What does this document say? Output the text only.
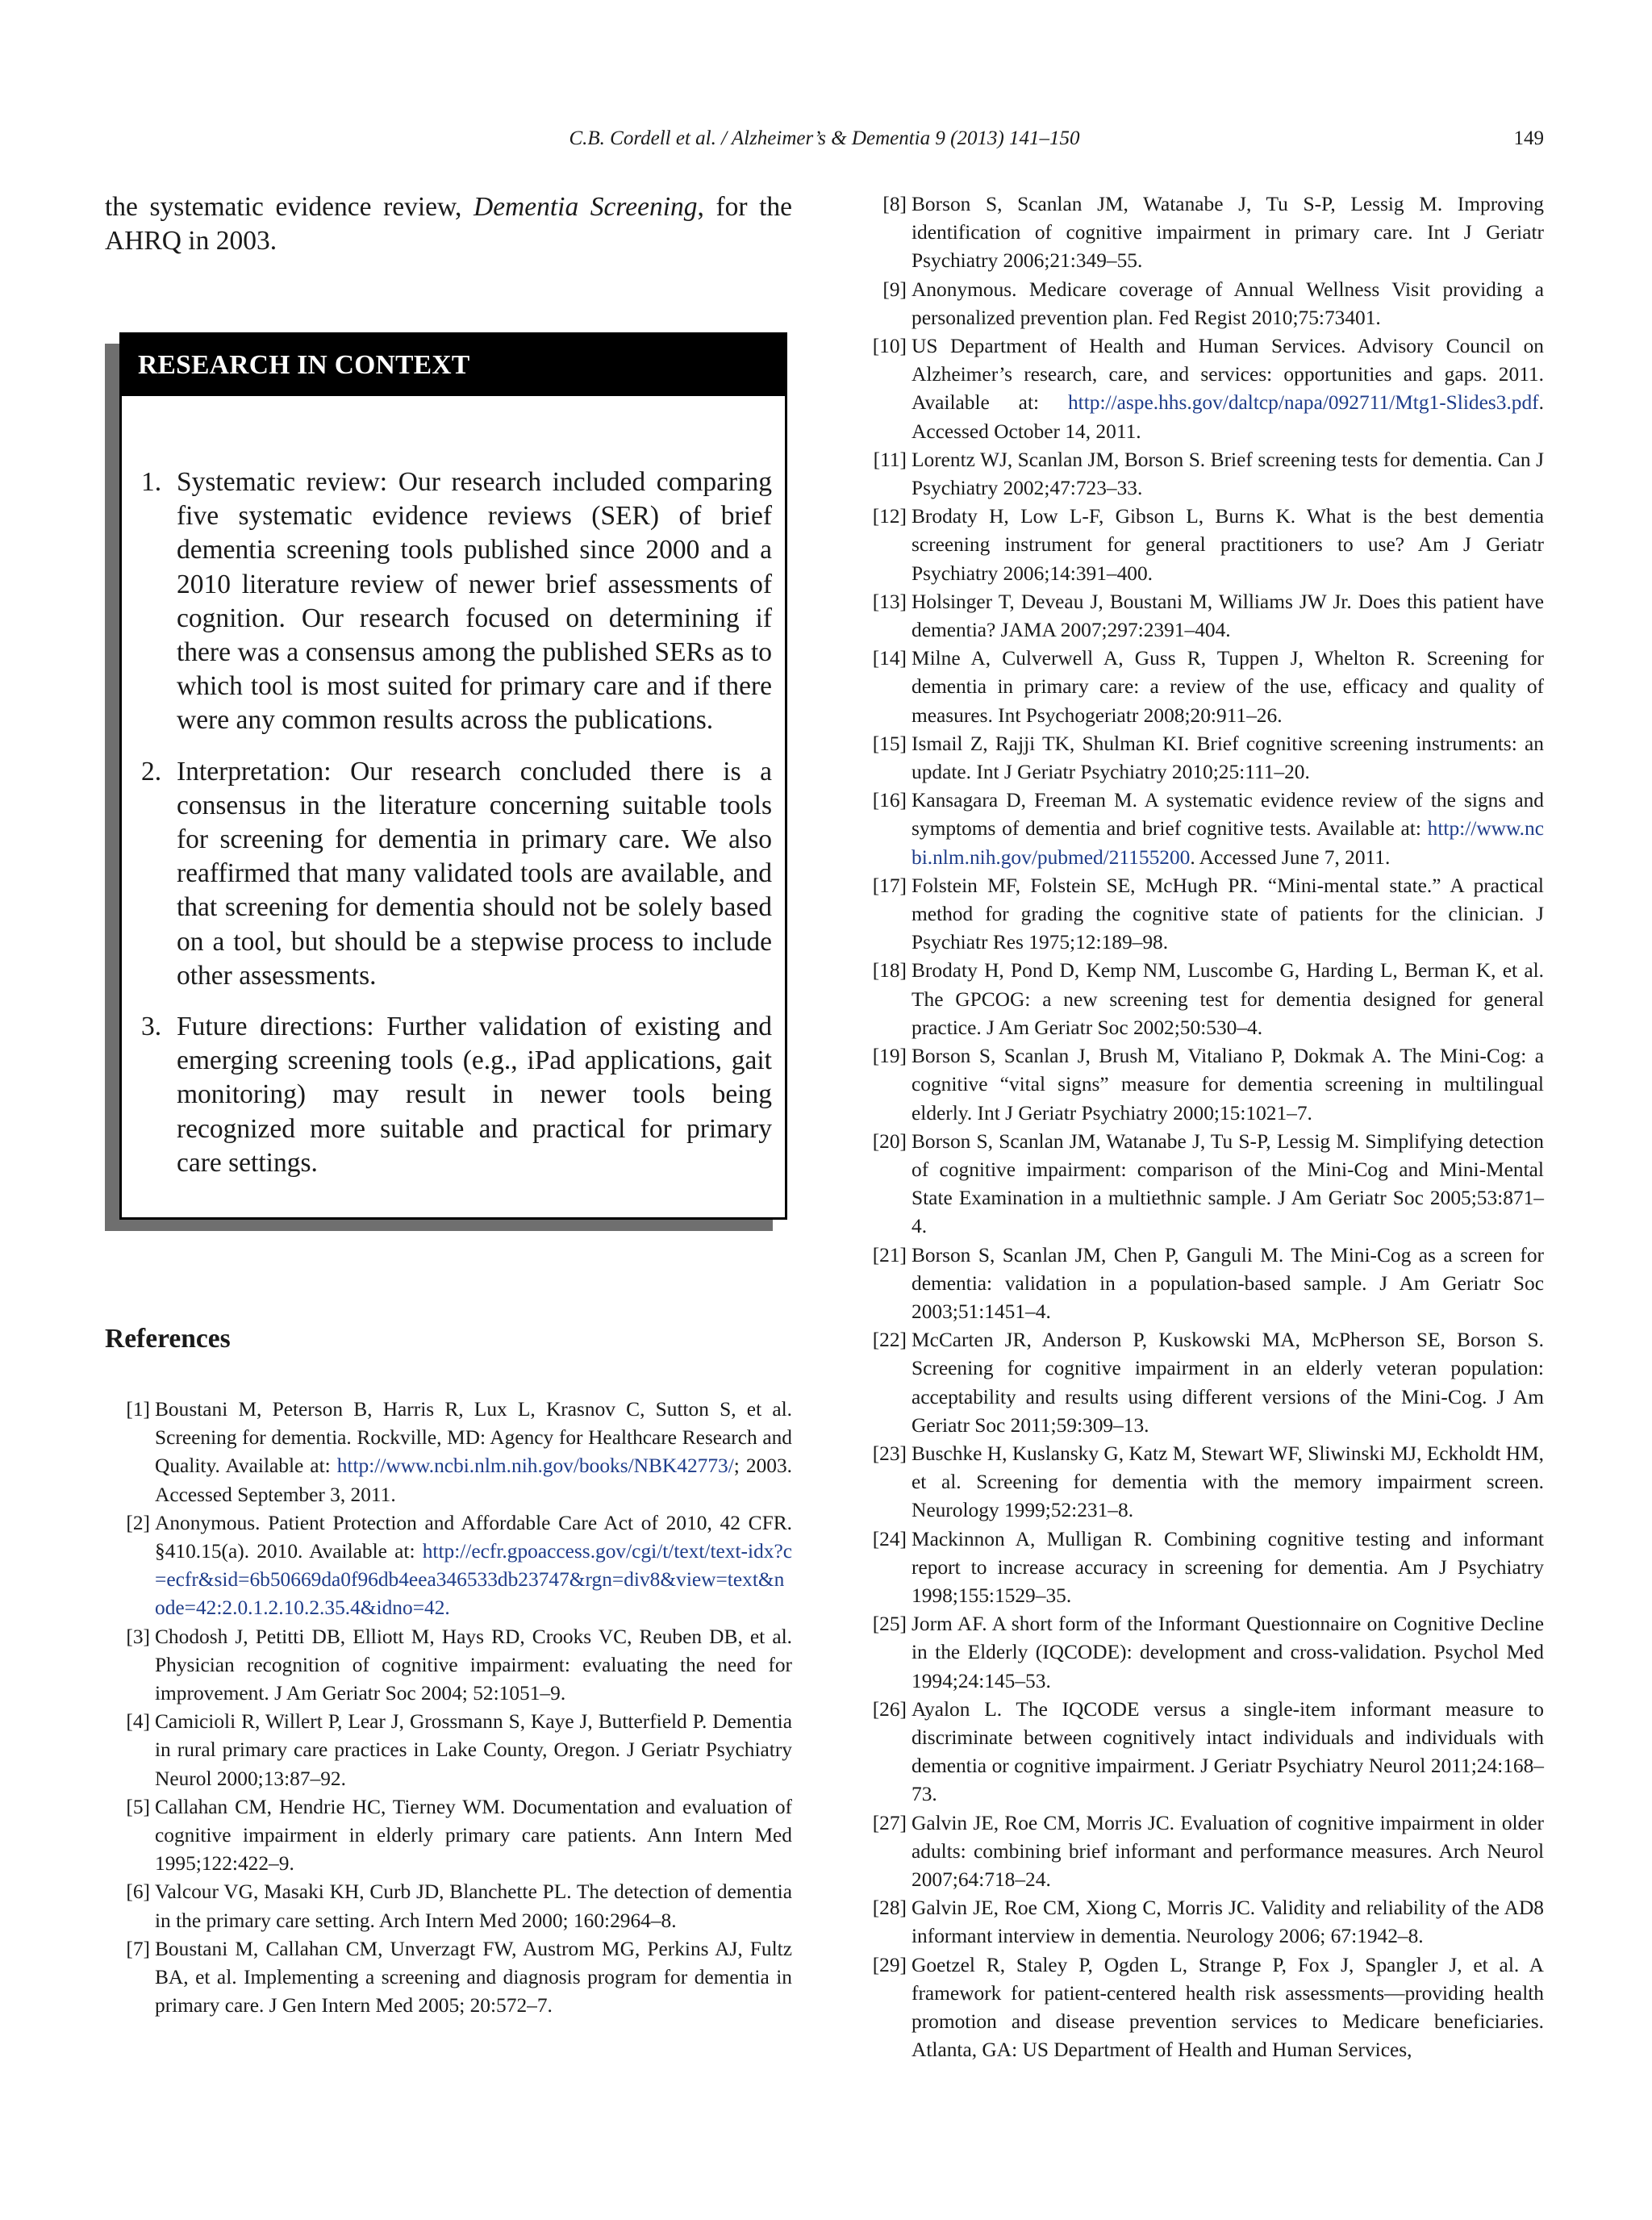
C.B. Cordell et al. / Alzheimer’s & Dementia 9 (2013) 141–150	149

the systematic evidence review, Dementia Screening, for the AHRQ in 2003.

RESEARCH IN CONTEXT
1. Systematic review: Our research included comparing five systematic evidence reviews (SER) of brief dementia screening tools published since 2000 and a 2010 literature review of newer brief assessments of cognition. Our research focused on determining if there was a consensus among the published SERs as to which tool is most suited for primary care and if there were any common results across the publications.
2. Interpretation: Our research concluded there is a consensus in the literature concerning suitable tools for screening for dementia in primary care. We also reaffirmed that many validated tools are available, and that screening for dementia should not be solely based on a tool, but should be a stepwise process to include other assessments.
3. Future directions: Further validation of existing and emerging screening tools (e.g., iPad applications, gait monitoring) may result in newer tools being recognized more suitable and practical for primary care settings.
References
[1] Boustani M, Peterson B, Harris R, Lux L, Krasnov C, Sutton S, et al. Screening for dementia. Rockville, MD: Agency for Healthcare Research and Quality. Available at: http://www.ncbi.nlm.nih.gov/books/NBK42773/; 2003. Accessed September 3, 2011.
[2] Anonymous. Patient Protection and Affordable Care Act of 2010, 42 CFR. §410.15(a). 2010. Available at: http://ecfr.gpoaccess.gov/cgi/t/text/text-idx?c=ecfr&sid=6b50669da0f96db4eea346533db23747&rgn=div8&view=text&node=42:2.0.1.2.10.2.35.4&idno=42.
[3] Chodosh J, Petitti DB, Elliott M, Hays RD, Crooks VC, Reuben DB, et al. Physician recognition of cognitive impairment: evaluating the need for improvement. J Am Geriatr Soc 2004; 52:1051–9.
[4] Camicioli R, Willert P, Lear J, Grossmann S, Kaye J, Butterfield P. Dementia in rural primary care practices in Lake County, Oregon. J Geriatr Psychiatry Neurol 2000;13:87–92.
[5] Callahan CM, Hendrie HC, Tierney WM. Documentation and evaluation of cognitive impairment in elderly primary care patients. Ann Intern Med 1995;122:422–9.
[6] Valcour VG, Masaki KH, Curb JD, Blanchette PL. The detection of dementia in the primary care setting. Arch Intern Med 2000; 160:2964–8.
[7] Boustani M, Callahan CM, Unverzagt FW, Austrom MG, Perkins AJ, Fultz BA, et al. Implementing a screening and diagnosis program for dementia in primary care. J Gen Intern Med 2005; 20:572–7.
[8] Borson S, Scanlan JM, Watanabe J, Tu S-P, Lessig M. Improving identification of cognitive impairment in primary care. Int J Geriatr Psychiatry 2006;21:349–55.
[9] Anonymous. Medicare coverage of Annual Wellness Visit providing a personalized prevention plan. Fed Regist 2010;75:73401.
[10] US Department of Health and Human Services. Advisory Council on Alzheimer’s research, care, and services: opportunities and gaps. 2011. Available at: http://aspe.hhs.gov/daltcp/napa/092711/Mtg1-Slides3.pdf. Accessed October 14, 2011.
[11] Lorentz WJ, Scanlan JM, Borson S. Brief screening tests for dementia. Can J Psychiatry 2002;47:723–33.
[12] Brodaty H, Low L-F, Gibson L, Burns K. What is the best dementia screening instrument for general practitioners to use? Am J Geriatr Psychiatry 2006;14:391–400.
[13] Holsinger T, Deveau J, Boustani M, Williams JW Jr. Does this patient have dementia? JAMA 2007;297:2391–404.
[14] Milne A, Culverwell A, Guss R, Tuppen J, Whelton R. Screening for dementia in primary care: a review of the use, efficacy and quality of measures. Int Psychogeriatr 2008;20:911–26.
[15] Ismail Z, Rajji TK, Shulman KI. Brief cognitive screening instruments: an update. Int J Geriatr Psychiatry 2010;25:111–20.
[16] Kansagara D, Freeman M. A systematic evidence review of the signs and symptoms of dementia and brief cognitive tests. Available at: http://www.ncbi.nlm.nih.gov/pubmed/21155200. Accessed June 7, 2011.
[17] Folstein MF, Folstein SE, McHugh PR. “Mini-mental state.” A practical method for grading the cognitive state of patients for the clinician. J Psychiatr Res 1975;12:189–98.
[18] Brodaty H, Pond D, Kemp NM, Luscombe G, Harding L, Berman K, et al. The GPCOG: a new screening test for dementia designed for general practice. J Am Geriatr Soc 2002;50:530–4.
[19] Borson S, Scanlan J, Brush M, Vitaliano P, Dokmak A. The Mini-Cog: a cognitive “vital signs” measure for dementia screening in multilingual elderly. Int J Geriatr Psychiatry 2000;15:1021–7.
[20] Borson S, Scanlan JM, Watanabe J, Tu S-P, Lessig M. Simplifying detection of cognitive impairment: comparison of the Mini-Cog and Mini-Mental State Examination in a multiethnic sample. J Am Geriatr Soc 2005;53:871–4.
[21] Borson S, Scanlan JM, Chen P, Ganguli M. The Mini-Cog as a screen for dementia: validation in a population-based sample. J Am Geriatr Soc 2003;51:1451–4.
[22] McCarten JR, Anderson P, Kuskowski MA, McPherson SE, Borson S. Screening for cognitive impairment in an elderly veteran population: acceptability and results using different versions of the Mini-Cog. J Am Geriatr Soc 2011;59:309–13.
[23] Buschke H, Kuslansky G, Katz M, Stewart WF, Sliwinski MJ, Eckholdt HM, et al. Screening for dementia with the memory impairment screen. Neurology 1999;52:231–8.
[24] Mackinnon A, Mulligan R. Combining cognitive testing and informant report to increase accuracy in screening for dementia. Am J Psychiatry 1998;155:1529–35.
[25] Jorm AF. A short form of the Informant Questionnaire on Cognitive Decline in the Elderly (IQCODE): development and cross-validation. Psychol Med 1994;24:145–53.
[26] Ayalon L. The IQCODE versus a single-item informant measure to discriminate between cognitively intact individuals and individuals with dementia or cognitive impairment. J Geriatr Psychiatry Neurol 2011;24:168–73.
[27] Galvin JE, Roe CM, Morris JC. Evaluation of cognitive impairment in older adults: combining brief informant and performance measures. Arch Neurol 2007;64:718–24.
[28] Galvin JE, Roe CM, Xiong C, Morris JC. Validity and reliability of the AD8 informant interview in dementia. Neurology 2006; 67:1942–8.
[29] Goetzel R, Staley P, Ogden L, Strange P, Fox J, Spangler J, et al. A framework for patient-centered health risk assessments—providing health promotion and disease prevention services to Medicare beneficiaries. Atlanta, GA: US Department of Health and Human Services,
